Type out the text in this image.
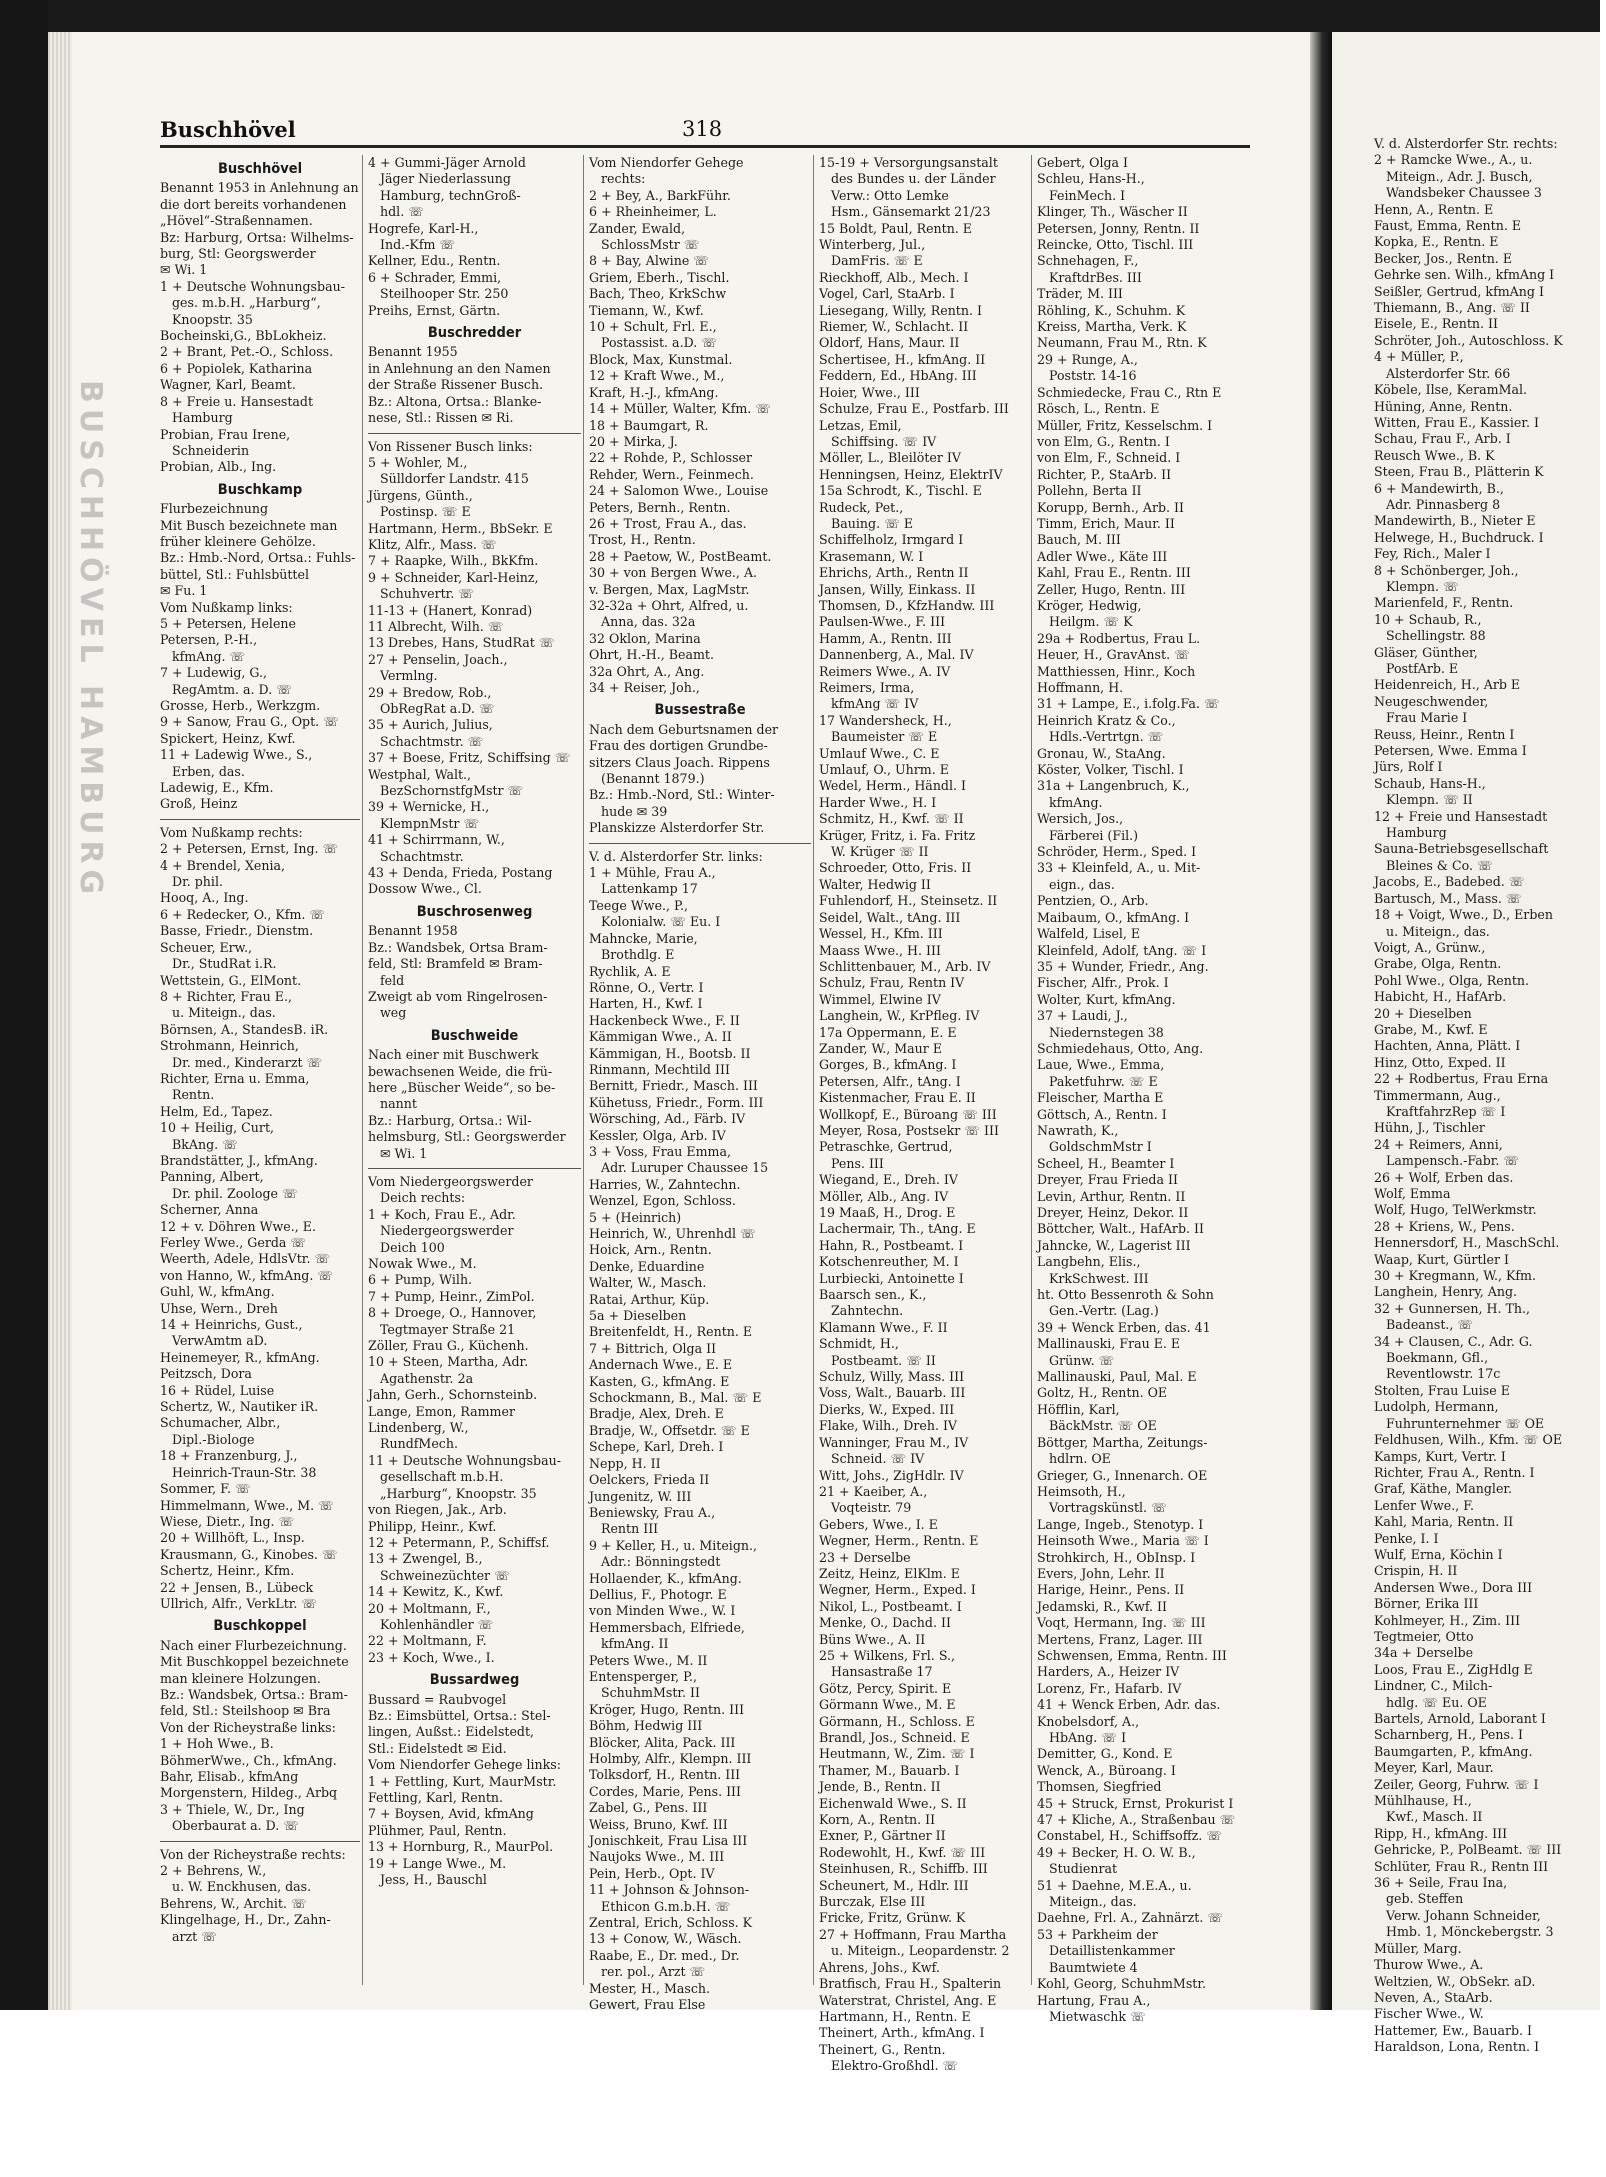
BUSCHHÖVEL HAMBURG
Buschhövel	318
Buschhövel
Benannt 1953 in Anlehnung an
die dort bereits vorhandenen
„Hövel“-Straßennamen.
Bz: Harburg, Ortsa: Wilhelms-
burg, Stl: Georgswerder
✉ Wi. 1
1 + Deutsche Wohnungsbau-
ges. m.b.H. „Harburg“,
Knoopstr. 35
Bocheinski,G., BbLokheiz.
2 + Brant, Pet.-O., Schloss.
6 + Popiolek, Katharina
Wagner, Karl, Beamt.
8 + Freie u. Hansestadt
Hamburg
Probian, Frau Irene,
Schneiderin
Probian, Alb., Ing.
Buschkamp
Flurbezeichnung
Mit Busch bezeichnete man
früher kleinere Gehölze.
Bz.: Hmb.-Nord, Ortsa.: Fuhls-
büttel, Stl.: Fuhlsbüttel
✉ Fu. 1
Vom Nußkamp links:
5 + Petersen, Helene
Petersen, P.-H.,
kfmAng. ☏
7 + Ludewig, G.,
RegAmtm. a. D. ☏
Grosse, Herb., Werkzgm.
9 + Sanow, Frau G., Opt. ☏
Spickert, Heinz, Kwf.
11 + Ladewig Wwe., S.,
Erben, das.
Ladewig, E., Kfm.
Groß, Heinz
Vom Nußkamp rechts:
2 + Petersen, Ernst, Ing. ☏
4 + Brendel, Xenia,
Dr. phil.
Hooq, A., Ing.
6 + Redecker, O., Kfm. ☏
Basse, Friedr., Dienstm.
Scheuer, Erw.,
Dr., StudRat i.R.
Wettstein, G., ElMont.
8 + Richter, Frau E.,
u. Miteign., das.
Börnsen, A., StandesB. iR.
Strohmann, Heinrich,
Dr. med., Kinderarzt ☏
Richter, Erna u. Emma,
Rentn.
Helm, Ed., Tapez.
10 + Heilig, Curt,
BkAng. ☏
Brandstätter, J., kfmAng.
Panning, Albert,
Dr. phil. Zoologe ☏
Scherner, Anna
12 + v. Döhren Wwe., E.
Ferley Wwe., Gerda ☏
Weerth, Adele, HdlsVtr. ☏
von Hanno, W., kfmAng. ☏
Guhl, W., kfmAng.
Uhse, Wern., Dreh
14 + Heinrichs, Gust.,
VerwAmtm aD.
Heinemeyer, R., kfmAng.
Peitzsch, Dora
16 + Rüdel, Luise
Schertz, W., Nautiker iR.
Schumacher, Albr.,
Dipl.-Biologe
18 + Franzenburg, J.,
Heinrich-Traun-Str. 38
Sommer, F. ☏
Himmelmann, Wwe., M. ☏
Wiese, Dietr., Ing. ☏
20 + Willhöft, L., Insp.
Krausmann, G., Kinobes. ☏
Schertz, Heinr., Kfm.
22 + Jensen, B., Lübeck
Ullrich, Alfr., VerkLtr. ☏
Buschkoppel
Nach einer Flurbezeichnung.
Mit Buschkoppel bezeichnete
man kleinere Holzungen.
Bz.: Wandsbek, Ortsa.: Bram-
feld, Stl.: Steilshoop ✉ Bra
Von der Richeystraße links:
1 + Hoh Wwe., B.
BöhmerWwe., Ch., kfmAng.
Bahr, Elisab., kfmAng
Morgenstern, Hildeg., Arbq
3 + Thiele, W., Dr., Ing
Oberbaurat a. D. ☏
Von der Richeystraße rechts:
2 + Behrens, W.,
u. W. Enckhusen, das.
Behrens, W., Archit. ☏
Klingelhage, H., Dr., Zahn-
arzt ☏
4 + Gummi-Jäger Arnold
Jäger Niederlassung
Hamburg, technGroß-
hdl. ☏
Hogrefe, Karl-H.,
Ind.-Kfm ☏
Kellner, Edu., Rentn.
6 + Schrader, Emmi,
Steilhooper Str. 250
Preihs, Ernst, Gärtn.
Buschredder
Benannt 1955
in Anlehnung an den Namen
der Straße Rissener Busch.
Bz.: Altona, Ortsa.: Blanke-
nese, Stl.: Rissen ✉ Ri.
Von Rissener Busch links:
5 + Wohler, M.,
Sülldorfer Landstr. 415
Jürgens, Günth.,
Postinsp. ☏ E
Hartmann, Herm., BbSekr. E
Klitz, Alfr., Mass. ☏
7 + Raapke, Wilh., BkKfm.
9 + Schneider, Karl-Heinz,
Schuhvertr. ☏
11-13 + (Hanert, Konrad)
11 Albrecht, Wilh. ☏
13 Drebes, Hans, StudRat ☏
27 + Penselin, Joach.,
Vermlng.
29 + Bredow, Rob.,
ObRegRat a.D. ☏
35 + Aurich, Julius,
Schachtmstr. ☏
37 + Boese, Fritz, Schiffsing ☏
Westphal, Walt.,
BezSchornstfgMstr ☏
39 + Wernicke, H.,
KlempnMstr ☏
41 + Schirrmann, W.,
Schachtmstr.
43 + Denda, Frieda, Postang
Dossow Wwe., Cl.
Buschrosenweg
Benannt 1958
Bz.: Wandsbek, Ortsa Bram-
feld, Stl: Bramfeld ✉ Bram-
feld
Zweigt ab vom Ringelrosen-
weg
Buschweide
Nach einer mit Buschwerk
bewachsenen Weide, die frü-
here „Büscher Weide“, so be-
nannt
Bz.: Harburg, Ortsa.: Wil-
helmsburg, Stl.: Georgswerder
✉ Wi. 1
Vom Niedergeorgswerder
Deich rechts:
1 + Koch, Frau E., Adr.
Niedergeorgswerder
Deich 100
Nowak Wwe., M.
6 + Pump, Wilh.
7 + Pump, Heinr., ZimPol.
8 + Droege, O., Hannover,
Tegtmayer Straße 21
Zöller, Frau G., Küchenh.
10 + Steen, Martha, Adr.
Agathenstr. 2a
Jahn, Gerh., Schornsteinb.
Lange, Emon, Rammer
Lindenberg, W.,
RundfMech.
11 + Deutsche Wohnungsbau-
gesellschaft m.b.H.
„Harburg“, Knoopstr. 35
von Riegen, Jak., Arb.
Philipp, Heinr., Kwf.
12 + Petermann, P., Schiffsf.
13 + Zwengel, B.,
Schweinezüchter ☏
14 + Kewitz, K., Kwf.
20 + Moltmann, F.,
Kohlenhändler ☏
22 + Moltmann, F.
23 + Koch, Wwe., I.
Bussardweg
Bussard = Raubvogel
Bz.: Eimsbüttel, Ortsa.: Stel-
lingen, Außst.: Eidelstedt,
Stl.: Eidelstedt ✉ Eid.
Vom Niendorfer Gehege links:
1 + Fettling, Kurt, MaurMstr.
Fettling, Karl, Rentn.
7 + Boysen, Avid, kfmAng
Plühmer, Paul, Rentn.
13 + Hornburg, R., MaurPol.
19 + Lange Wwe., M.
Jess, H., Bauschl
Vom Niendorfer Gehege
rechts:
2 + Bey, A., BarkFühr.
6 + Rheinheimer, L.
Zander, Ewald,
SchlossMstr ☏
8 + Bay, Alwine ☏
Griem, Eberh., Tischl.
Bach, Theo, KrkSchw
Tiemann, W., Kwf.
10 + Schult, Frl. E.,
Postassist. a.D. ☏
Block, Max, Kunstmal.
12 + Kraft Wwe., M.,
Kraft, H.-J., kfmAng.
14 + Müller, Walter, Kfm. ☏
18 + Baumgart, R.
20 + Mirka, J.
22 + Rohde, P., Schlosser
Rehder, Wern., Feinmech.
24 + Salomon Wwe., Louise
Peters, Bernh., Rentn.
26 + Trost, Frau A., das.
Trost, H., Rentn.
28 + Paetow, W., PostBeamt.
30 + von Bergen Wwe., A.
v. Bergen, Max, LagMstr.
32-32a + Ohrt, Alfred, u.
Anna, das. 32a
32 Oklon, Marina
Ohrt, H.-H., Beamt.
32a Ohrt, A., Ang.
34 + Reiser, Joh.,
Bussestraße
Nach dem Geburtsnamen der
Frau des dortigen Grundbe-
sitzers Claus Joach. Rippens
(Benannt 1879.)
Bz.: Hmb.-Nord, Stl.: Winter-
hude ✉ 39
Planskizze Alsterdorfer Str.
V. d. Alsterdorfer Str. links:
1 + Mühle, Frau A.,
Lattenkamp 17
Teege Wwe., P.,
Kolonialw. ☏ Eu. I
Mahncke, Marie,
Brothdlg. E
Rychlik, A. E
Rönne, O., Vertr. I
Harten, H., Kwf. I
Hackenbeck Wwe., F. II
Kämmigan Wwe., A. II
Kämmigan, H., Bootsb. II
Rinmann, Mechtild III
Bernitt, Friedr., Masch. III
Kühetuss, Friedr., Form. III
Wörsching, Ad., Färb. IV
Kessler, Olga, Arb. IV
3 + Voss, Frau Emma,
Adr. Luruper Chaussee 15
Harries, W., Zahntechn.
Wenzel, Egon, Schloss.
5 + (Heinrich)
Heinrich, W., Uhrenhdl ☏
Hoick, Arn., Rentn.
Denke, Eduardine
Walter, W., Masch.
Ratai, Arthur, Küp.
5a + Dieselben
Breitenfeldt, H., Rentn. E
7 + Bittrich, Olga II
Andernach Wwe., E. E
Kasten, G., kfmAng. E
Schockmann, B., Mal. ☏ E
Bradje, Alex, Dreh. E
Bradje, W., Offsetdr. ☏ E
Schepe, Karl, Dreh. I
Nepp, H. II
Oelckers, Frieda II
Jungenitz, W. III
Beniewsky, Frau A.,
Rentn III
9 + Keller, H., u. Miteign.,
Adr.: Bönningstedt
Hollaender, K., kfmAng.
Dellius, F., Photogr. E
von Minden Wwe., W. I
Hemmersbach, Elfriede,
kfmAng. II
Peters Wwe., M. II
Entensperger, P.,
SchuhmMstr. II
Kröger, Hugo, Rentn. III
Böhm, Hedwig III
Blöcker, Alita, Pack. III
Holmby, Alfr., Klempn. III
Tolksdorf, H., Rentn. III
Cordes, Marie, Pens. III
Zabel, G., Pens. III
Weiss, Bruno, Kwf. III
Jonischkeit, Frau Lisa III
Naujoks Wwe., M. III
Pein, Herb., Opt. IV
11 + Johnson & Johnson-
Ethicon G.m.b.H. ☏
Zentral, Erich, Schloss. K
13 + Conow, W., Wäsch.
Raabe, E., Dr. med., Dr.
rer. pol., Arzt ☏
Mester, H., Masch.
Gewert, Frau Else
15-19 + Versorgungsanstalt
des Bundes u. der Länder
Verw.: Otto Lemke
Hsm., Gänsemarkt 21/23
15 Boldt, Paul, Rentn. E
Winterberg, Jul.,
DamFris. ☏ E
Rieckhoff, Alb., Mech. I
Vogel, Carl, StaArb. I
Liesegang, Willy, Rentn. I
Riemer, W., Schlacht. II
Oldorf, Hans, Maur. II
Schertisee, H., kfmAng. II
Feddern, Ed., HbAng. III
Hoier, Wwe., III
Schulze, Frau E., Postfarb. III
Letzas, Emil,
Schiffsing. ☏ IV
Möller, L., Bleilöter IV
Henningsen, Heinz, ElektrIV
15a Schrodt, K., Tischl. E
Rudeck, Pet.,
Bauing. ☏ E
Schiffelholz, Irmgard I
Krasemann, W. I
Ehrichs, Arth., Rentn II
Jansen, Willy, Einkass. II
Thomsen, D., KfzHandw. III
Paulsen-Wwe., F. III
Hamm, A., Rentn. III
Dannenberg, A., Mal. IV
Reimers Wwe., A. IV
Reimers, Irma,
kfmAng ☏ IV
17 Wandersheck, H.,
Baumeister ☏ E
Umlauf Wwe., C. E
Umlauf, O., Uhrm. E
Wedel, Herm., Händl. I
Harder Wwe., H. I
Schmitz, H., Kwf. ☏ II
Krüger, Fritz, i. Fa. Fritz
W. Krüger ☏ II
Schroeder, Otto, Fris. II
Walter, Hedwig II
Fuhlendorf, H., Steinsetz. II
Seidel, Walt., tAng. III
Wessel, H., Kfm. III
Maass Wwe., H. III
Schlittenbauer, M., Arb. IV
Schulz, Frau, Rentn IV
Wimmel, Elwine IV
Langhein, W., KrPfleg. IV
17a Oppermann, E. E
Zander, W., Maur E
Gorges, B., kfmAng. I
Petersen, Alfr., tAng. I
Kistenmacher, Frau E. II
Wollkopf, E., Büroang ☏ III
Meyer, Rosa, Postsekr ☏ III
Petraschke, Gertrud,
Pens. III
Wiegand, E., Dreh. IV
Möller, Alb., Ang. IV
19 Maaß, H., Drog. E
Lachermair, Th., tAng. E
Hahn, R., Postbeamt. I
Kotschenreuther, M. I
Lurbiecki, Antoinette I
Baarsch sen., K.,
Zahntechn.
Klamann Wwe., F. II
Schmidt, H.,
Postbeamt. ☏ II
Schulz, Willy, Mass. III
Voss, Walt., Bauarb. III
Dierks, W., Exped. III
Flake, Wilh., Dreh. IV
Wanninger, Frau M., IV
Schneid. ☏ IV
Witt, Johs., ZigHdlr. IV
21 + Kaeiber, A.,
Voqteistr. 79
Gebers, Wwe., I. E
Wegner, Herm., Rentn. E
23 + Derselbe
Zeitz, Heinz, ElKlm. E
Wegner, Herm., Exped. I
Nikol, L., Postbeamt. I
Menke, O., Dachd. II
Büns Wwe., A. II
25 + Wilkens, Frl. S.,
Hansastraße 17
Götz, Percy, Spirit. E
Görmann Wwe., M. E
Görmann, H., Schloss. E
Brandl, Jos., Schneid. E
Heutmann, W., Zim. ☏ I
Thamer, M., Bauarb. I
Jende, B., Rentn. II
Eichenwald Wwe., S. II
Korn, A., Rentn. II
Exner, P., Gärtner II
Rodewohlt, H., Kwf. ☏ III
Steinhusen, R., Schiffb. III
Scheunert, M., Hdlr. III
Burczak, Else III
Fricke, Fritz, Grünw. K
27 + Hoffmann, Frau Martha
u. Miteign., Leopardenstr. 2
Ahrens, Johs., Kwf.
Bratfisch, Frau H., Spalterin
Waterstrat, Christel, Ang. E
Hartmann, H., Rentn. E
Theinert, Arth., kfmAng. I
Theinert, G., Rentn.
Elektro-Großhdl. ☏
Gebert, Olga I
Schleu, Hans-H.,
FeinMech. I
Klinger, Th., Wäscher II
Petersen, Jonny, Rentn. II
Reincke, Otto, Tischl. III
Schnehagen, F.,
KraftdrBes. III
Träder, M. III
Röhling, K., Schuhm. K
Kreiss, Martha, Verk. K
Neumann, Frau M., Rtn. K
29 + Runge, A.,
Poststr. 14-16
Schmiedecke, Frau C., Rtn E
Rösch, L., Rentn. E
Müller, Fritz, Kesselschm. I
von Elm, G., Rentn. I
von Elm, F., Schneid. I
Richter, P., StaArb. II
Pollehn, Berta II
Korupp, Bernh., Arb. II
Timm, Erich, Maur. II
Bauch, M. III
Adler Wwe., Käte III
Kahl, Frau E., Rentn. III
Zeller, Hugo, Rentn. III
Kröger, Hedwig,
Heilgm. ☏ K
29a + Rodbertus, Frau L.
Heuer, H., GravAnst. ☏
Matthiessen, Hinr., Koch
Hoffmann, H.
31 + Lampe, E., i.folg.Fa. ☏
Heinrich Kratz & Co.,
Hdls.-Vertrtgn. ☏
Gronau, W., StaAng.
Köster, Volker, Tischl. I
31a + Langenbruch, K.,
kfmAng.
Wersich, Jos.,
Färberei (Fil.)
Schröder, Herm., Sped. I
33 + Kleinfeld, A., u. Mit-
eign., das.
Pentzien, O., Arb.
Maibaum, O., kfmAng. I
Walfeld, Lisel, E
Kleinfeld, Adolf, tAng. ☏ I
35 + Wunder, Friedr., Ang.
Fischer, Alfr., Prok. I
Wolter, Kurt, kfmAng.
37 + Laudi, J.,
Niedernstegen 38
Schmiedehaus, Otto, Ang.
Laue, Wwe., Emma,
Paketfuhrw. ☏ E
Fleischer, Martha E
Göttsch, A., Rentn. I
Nawrath, K.,
GoldschmMstr I
Scheel, H., Beamter I
Dreyer, Frau Frieda II
Levin, Arthur, Rentn. II
Dreyer, Heinz, Dekor. II
Böttcher, Walt., HafArb. II
Jahncke, W., Lagerist III
Langbehn, Elis.,
KrkSchwest. III
ht. Otto Bessenroth & Sohn
Gen.-Vertr. (Lag.)
39 + Wenck Erben, das. 41
Mallinauski, Frau E. E
Grünw. ☏
Mallinauski, Paul, Mal. E
Goltz, H., Rentn. OE
Höfflin, Karl,
BäckMstr. ☏ OE
Böttger, Martha, Zeitungs-
hdlrn. OE
Grieger, G., Innenarch. OE
Heimsoth, H.,
Vortragskünstl. ☏
Lange, Ingeb., Stenotyp. I
Heinsoth Wwe., Maria ☏ I
Strohkirch, H., ObInsp. I
Evers, John, Lehr. II
Harige, Heinr., Pens. II
Jedamski, R., Kwf. II
Voqt, Hermann, Ing. ☏ III
Mertens, Franz, Lager. III
Schwensen, Emma, Rentn. III
Harders, A., Heizer IV
Lorenz, Fr., Hafarb. IV
41 + Wenck Erben, Adr. das.
Knobelsdorf, A.,
HbAng. ☏ I
Demitter, G., Kond. E
Wenck, A., Büroang. I
Thomsen, Siegfried
45 + Struck, Ernst, Prokurist I
47 + Kliche, A., Straßenbau ☏
Constabel, H., Schiffsoffz. ☏
49 + Becker, H. O. W. B.,
Studienrat
51 + Daehne, M.E.A., u.
Miteign., das.
Daehne, Frl. A., Zahnärzt. ☏
53 + Parkheim der
Detaillistenkammer
Baumtwiete 4
Kohl, Georg, SchuhmMstr.
Hartung, Frau A.,
Mietwaschk ☏
V. d. Alsterdorfer Str. rechts:
2 + Ramcke Wwe., A., u.
Miteign., Adr. J. Busch,
Wandsbeker Chaussee 3
Henn, A., Rentn. E
Faust, Emma, Rentn. E
Kopka, E., Rentn. E
Becker, Jos., Rentn. E
Gehrke sen. Wilh., kfmAng I
Seißler, Gertrud, kfmAng I
Thiemann, B., Ang. ☏ II
Eisele, E., Rentn. II
Schröter, Joh., Autoschloss. K
4 + Müller, P.,
Alsterdorfer Str. 66
Köbele, Ilse, KeramMal.
Hüning, Anne, Rentn.
Witten, Frau E., Kassier. I
Schau, Frau F., Arb. I
Reusch Wwe., B. K
Steen, Frau B., Plätterin K
6 + Mandewirth, B.,
Adr. Pinnasberg 8
Mandewirth, B., Nieter E
Helwege, H., Buchdruck. I
Fey, Rich., Maler I
8 + Schönberger, Joh.,
Klempn. ☏
Marienfeld, F., Rentn.
10 + Schaub, R.,
Schellingstr. 88
Gläser, Günther,
PostfArb. E
Heidenreich, H., Arb E
Neugeschwender,
Frau Marie I
Reuss, Heinr., Rentn I
Petersen, Wwe. Emma I
Jürs, Rolf I
Schaub, Hans-H.,
Klempn. ☏ II
12 + Freie und Hansestadt
Hamburg
Sauna-Betriebsgesellschaft
Bleines & Co. ☏
Jacobs, E., Badebed. ☏
Bartusch, M., Mass. ☏
18 + Voigt, Wwe., D., Erben
u. Miteign., das.
Voigt, A., Grünw.,
Grabe, Olga, Rentn.
Pohl Wwe., Olga, Rentn.
Habicht, H., HafArb.
20 + Dieselben
Grabe, M., Kwf. E
Hachten, Anna, Plätt. I
Hinz, Otto, Exped. II
22 + Rodbertus, Frau Erna
Timmermann, Aug.,
KraftfahrzRep ☏ I
Hühn, J., Tischler
24 + Reimers, Anni,
Lampensch.-Fabr. ☏
26 + Wolf, Erben das.
Wolf, Emma
Wolf, Hugo, TelWerkmstr.
28 + Kriens, W., Pens.
Hennersdorf, H., MaschSchl.
Waap, Kurt, Gürtler I
30 + Kregmann, W., Kfm.
Langhein, Henry, Ang.
32 + Gunnersen, H. Th.,
Badeanst., ☏
34 + Clausen, C., Adr. G.
Boekmann, Gfl.,
Reventlowstr. 17c
Stolten, Frau Luise E
Ludolph, Hermann,
Fuhrunternehmer ☏ OE
Feldhusen, Wilh., Kfm. ☏ OE
Kamps, Kurt, Vertr. I
Richter, Frau A., Rentn. I
Graf, Käthe, Mangler.
Lenfer Wwe., F.
Kahl, Maria, Rentn. II
Penke, I. I
Wulf, Erna, Köchin I
Crispin, H. II
Andersen Wwe., Dora III
Börner, Erika III
Kohlmeyer, H., Zim. III
Tegtmeier, Otto
34a + Derselbe
Loos, Frau E., ZigHdlg E
Lindner, C., Milch-
hdlg. ☏ Eu. OE
Bartels, Arnold, Laborant I
Scharnberg, H., Pens. I
Baumgarten, P., kfmAng.
Meyer, Karl, Maur.
Zeiler, Georg, Fuhrw. ☏ I
Mühlhause, H.,
Kwf., Masch. II
Ripp, H., kfmAng. III
Gehricke, P., PolBeamt. ☏ III
Schlüter, Frau R., Rentn III
36 + Seile, Frau Ina,
geb. Steffen
Verw. Johann Schneider,
Hmb. 1, Mönckebergstr. 3
Müller, Marg.
Thurow Wwe., A.
Weltzien, W., ObSekr. aD.
Neven, A., StaArb.
Fischer Wwe., W.
Hattemer, Ew., Bauarb. I
Haraldson, Lona, Rentn. I
